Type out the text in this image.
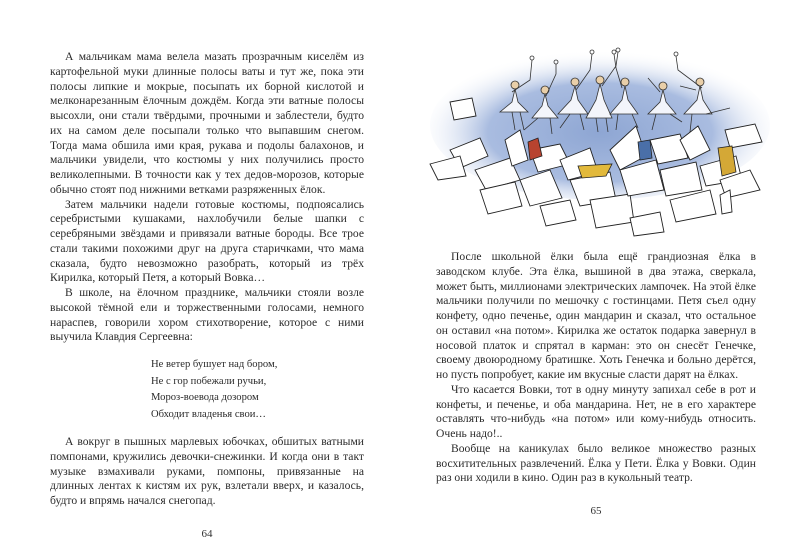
А мальчикам мама велела мазать прозрачным киселём из картофельной муки длинные полосы ваты и тут же, пока эти полосы липкие и мокрые, посыпать их борной кислотой и мелконарезанным ёлочным дождём. Когда эти ватные полосы высохли, они стали твёрдыми, прочными и заблестели, будто их на самом деле посыпали только что выпавшим снегом. Тогда мама обшила ими края, рукава и подолы балахонов, и мальчики увидели, что костюмы у них получились просто великолепными. В точности как у тех дедов-морозов, которые обычно стоят под нижними ветками разряженных ёлок.

Затем мальчики надели готовые костюмы, подпоясались серебристыми кушаками, нахлобучили белые шапки с серебряными звёздами и привязали ватные бороды. Все трое стали такими похожими друг на друга старичками, что мама сказала, будто невозможно разобрать, который из трёх Кирилка, который Петя, а который Вовка…

В школе, на ёлочном празднике, мальчики стояли возле высокой тёмной ели и торжественными голосами, немного нараспев, говорили хором стихотворение, которое с ними выучила Клавдия Сергеевна:

Не ветер бушует над бором,
Не с гор побежали ручьи,
Мороз-воевода дозором
Обходит владенья свои…

А вокруг в пышных марлевых юбочках, обшитых ватными помпонами, кружились девочки-снежинки. И когда они в такт музыке взмахивали руками, помпоны, привязанные на длинных лентах к кистям их рук, взлетали вверх, и казалось, будто и впрямь начался снегопад.

64

После школьной ёлки была ещё грандиозная ёлка в заводском клубе. Эта ёлка, вышиной в два этажа, сверкала, может быть, миллионами электрических лампочек. На этой ёлке мальчики получили по мешочку с гостинцами. Петя съел одну конфету, одно печенье, один мандарин и сказал, что остальное он оставил «на потом». Кирилка же остаток подарка завернул в носовой платок и спрятал в карман: это он снесёт Генечке, своему двоюродному братишке. Хоть Генечка и больно дерётся, но пусть попробует, какие им вкусные сласти дарят на ёлках.

Что касается Вовки, тот в одну минуту запихал себе в рот и конфеты, и печенье, и оба мандарина. Нет, не в его характере оставлять что-нибудь «на потом» или кому-нибудь относить. Очень надо!..

Вообще на каникулах было великое множество разных восхитительных развлечений. Ёлка у Пети. Ёлка у Вовки. Один раз они ходили в кино. Один раз в кукольный театр.

65
